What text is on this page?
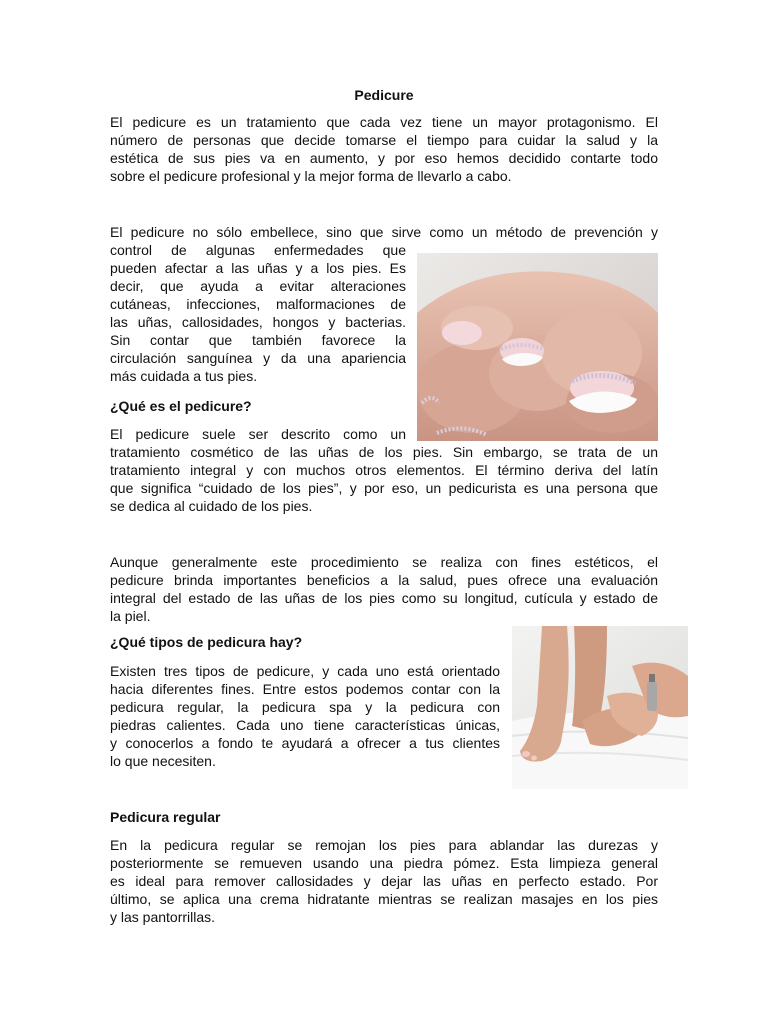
Pedicure
El pedicure es un tratamiento que cada vez tiene un mayor protagonismo. El
número de personas que decide tomarse el tiempo para cuidar la salud y la
estética de sus pies va en aumento, y por eso hemos decidido contarte todo
sobre el pedicure profesional y la mejor forma de llevarlo a cabo.
El pedicure no sólo embellece, sino que sirve como un método de prevención y
control de algunas enfermedades que
pueden afectar a las uñas y a los pies. Es
decir, que ayuda a evitar alteraciones
cutáneas, infecciones, malformaciones de
las uñas, callosidades, hongos y bacterias.
Sin contar que también favorece la
circulación sanguínea y da una apariencia
más cuidada a tus pies.
¿Qué es el pedicure?
El pedicure suele ser descrito como un
tratamiento cosmético de las uñas de los pies. Sin embargo, se trata de un
tratamiento integral y con muchos otros elementos. El término deriva del latín
que significa “cuidado de los pies”, y por eso, un pedicurista es una persona que
se dedica al cuidado de los pies.
Aunque generalmente este procedimiento se realiza con fines estéticos, el
pedicure brinda importantes beneficios a la salud, pues ofrece una evaluación
integral del estado de las uñas de los pies como su longitud, cutícula y estado de
la piel.
¿Qué tipos de pedicura hay?
Existen tres tipos de pedicure, y cada uno está orientado
hacia diferentes fines. Entre estos podemos contar con la
pedicura regular, la pedicura spa y la pedicura con
piedras calientes. Cada uno tiene características únicas,
y conocerlos a fondo te ayudará a ofrecer a tus clientes
lo que necesiten.
Pedicura regular
En la pedicura regular se remojan los pies para ablandar las durezas y
posteriormente se remueven usando una piedra pómez. Esta limpieza general
es ideal para remover callosidades y dejar las uñas en perfecto estado. Por
último, se aplica una crema hidratante mientras se realizan masajes en los pies
y las pantorrillas.
